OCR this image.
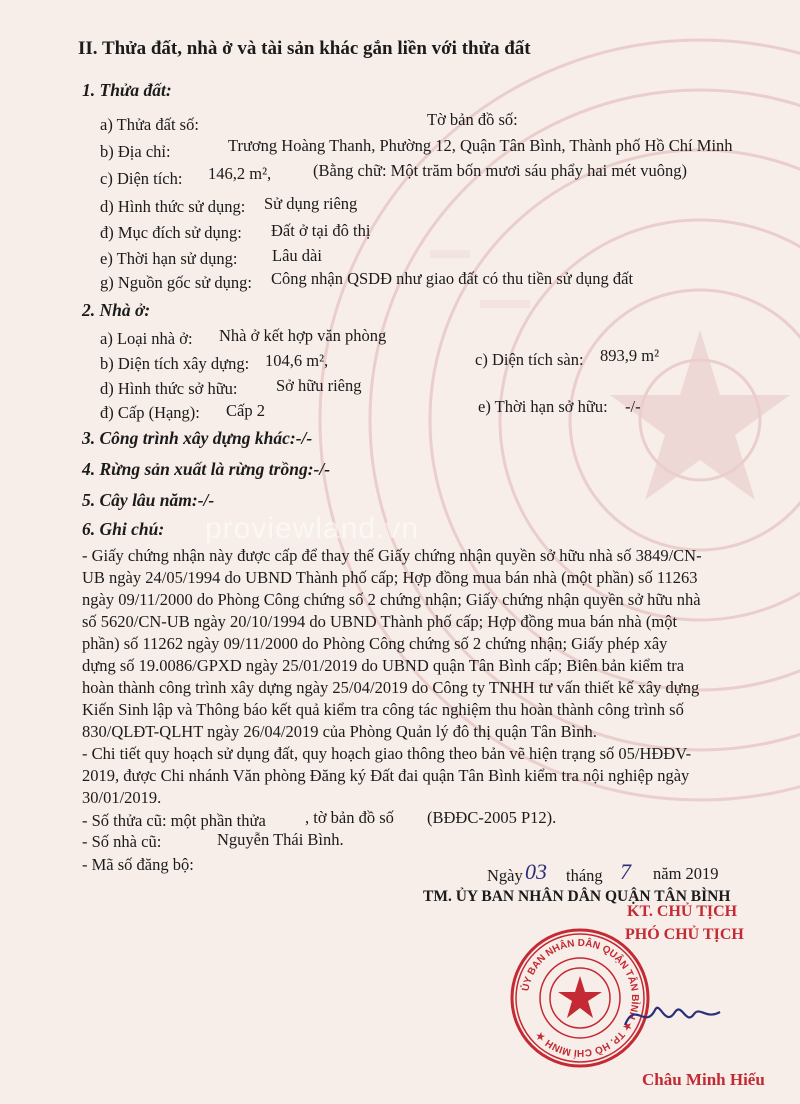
proviewland.vn
II. Thửa đất, nhà ở và tài sản khác gắn liền với thửa đất
1. Thửa đất:
a) Thửa đất số:	Tờ bản đồ số:
b) Địa chỉ:	Trương Hoàng Thanh, Phường 12, Quận Tân Bình, Thành phố Hồ Chí Minh
c) Diện tích: 146,2 m²,	(Bằng chữ: Một trăm bốn mươi sáu phẩy hai mét vuông)
d) Hình thức sử dụng: Sử dụng riêng
đ) Mục đích sử dụng: Đất ở tại đô thị
e) Thời hạn sử dụng: Lâu dài
g) Nguồn gốc sử dụng: Công nhận QSDĐ như giao đất có thu tiền sử dụng đất
2. Nhà ở:
a) Loại nhà ở: Nhà ở kết hợp văn phòng
b) Diện tích xây dựng: 104,6 m²,	c) Diện tích sàn: 893,9 m²
d) Hình thức sở hữu: Sở hữu riêng
đ) Cấp (Hạng): Cấp 2	e) Thời hạn sở hữu: -/-
3. Công trình xây dựng khác:-/-
4. Rừng sản xuất là rừng trồng:-/-
5. Cây lâu năm:-/-
6. Ghi chú:
- Giấy chứng nhận này được cấp để thay thế Giấy chứng nhận quyền sở hữu nhà số 3849/CN-
UB ngày 24/05/1994 do UBND Thành phố cấp; Hợp đồng mua bán nhà (một phần) số 11263
ngày 09/11/2000 do Phòng Công chứng số 2 chứng nhận; Giấy chứng nhận quyền sở hữu nhà
số 5620/CN-UB ngày 20/10/1994 do UBND Thành phố cấp; Hợp đồng mua bán nhà (một
phần) số 11262 ngày 09/11/2000 do Phòng Công chứng số 2 chứng nhận; Giấy phép xây
dựng số 19.0086/GPXD ngày 25/01/2019 do UBND quận Tân Bình cấp; Biên bản kiểm tra
hoàn thành công trình xây dựng ngày 25/04/2019 do Công ty TNHH tư vấn thiết kế xây dựng
Kiến Sinh lập và Thông báo kết quả kiểm tra công tác nghiệm thu hoàn thành công trình số
830/QLĐT-QLHT ngày 26/04/2019 của Phòng Quản lý đô thị quận Tân Bình.
- Chi tiết quy hoạch sử dụng đất, quy hoạch giao thông theo bản vẽ hiện trạng số 05/HĐĐV-
2019, được Chi nhánh Văn phòng Đăng ký Đất đai quận Tân Bình kiểm tra nội nghiệp ngày
30/01/2019.
- Số thửa cũ: một phần thửa , tờ bản đồ số (BĐĐC-2005 P12).
- Số nhà cũ:	Nguyễn Thái Bình.
- Mã số đăng bộ:
Ngày 03 tháng 7 năm 2019
TM. ỦY BAN NHÂN DÂN QUẬN TÂN BÌNH
KT. CHỦ TỊCH
PHÓ CHỦ TỊCH
ỦY BAN NHÂN DÂN QUẬN TÂN BÌNH ★ TP. HỒ CHÍ MINH ★
Châu Minh Hiếu
